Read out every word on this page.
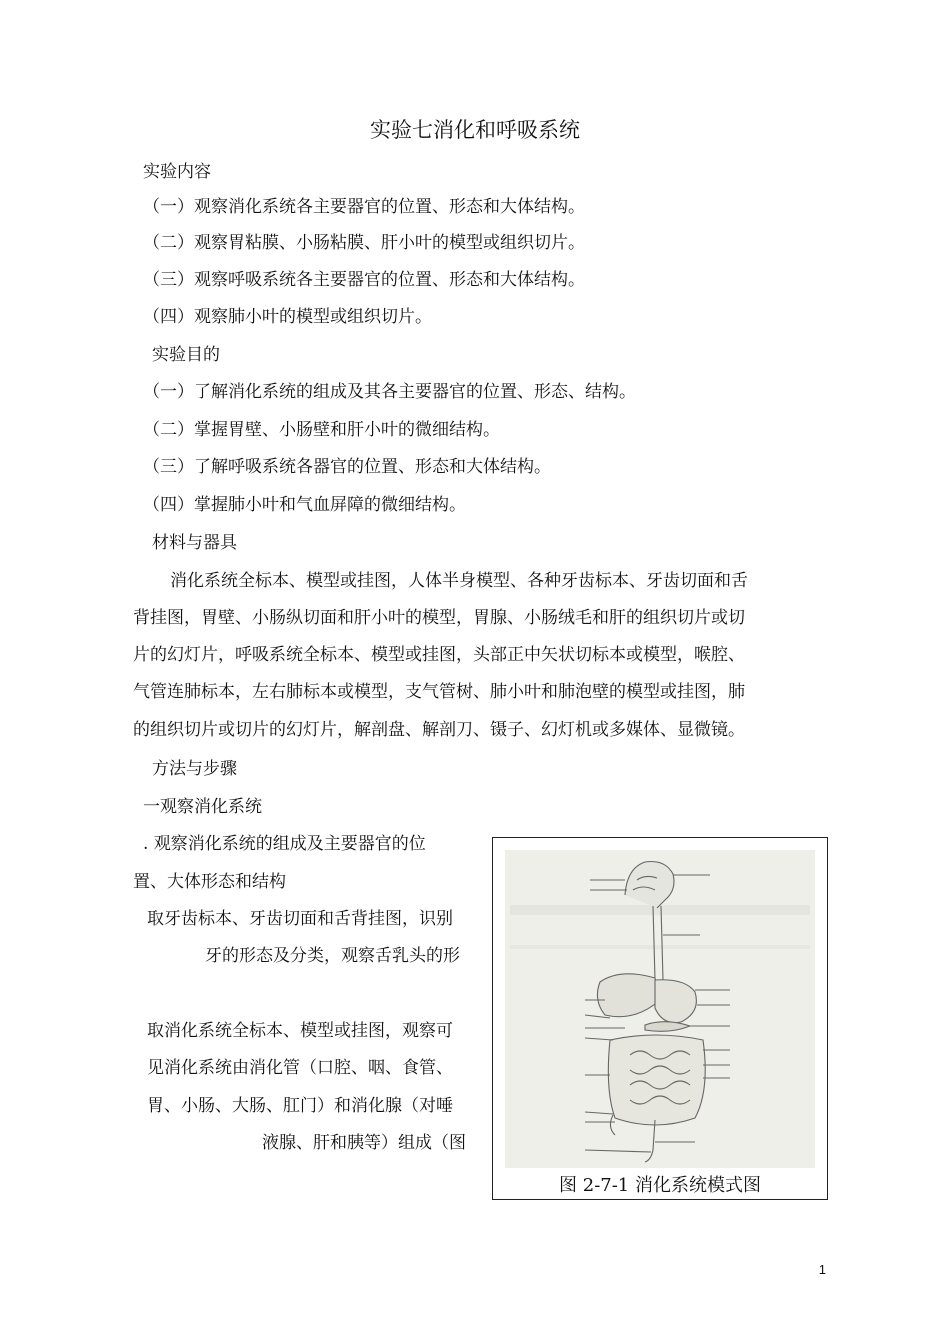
实验七消化和呼吸系统
实验内容
（一）观察消化系统各主要器官的位置、形态和大体结构。
（二）观察胃粘膜、小肠粘膜、肝小叶的模型或组织切片。
（三）观察呼吸系统各主要器官的位置、形态和大体结构。
（四）观察肺小叶的模型或组织切片。
实验目的
（一）了解消化系统的组成及其各主要器官的位置、形态、结构。
（二）掌握胃壁、小肠壁和肝小叶的微细结构。
（三）了解呼吸系统各器官的位置、形态和大体结构。
（四）掌握肺小叶和气血屏障的微细结构。
材料与器具
消化系统全标本、模型或挂图，人体半身模型、各种牙齿标本、牙齿切面和舌
背挂图，胃壁、小肠纵切面和肝小叶的模型，胃腺、小肠绒毛和肝的组织切片或切
片的幻灯片，呼吸系统全标本、模型或挂图，头部正中矢状切标本或模型，喉腔、
气管连肺标本，左右肺标本或模型，支气管树、肺小叶和肺泡壁的模型或挂图，肺
的组织切片或切片的幻灯片，解剖盘、解剖刀、镊子、幻灯机或多媒体、显微镜。
方法与步骤
一观察消化系统
. 观察消化系统的组成及主要器官的位
置、大体形态和结构
取牙齿标本、牙齿切面和舌背挂图，识别
牙的形态及分类，观察舌乳头的形
取消化系统全标本、模型或挂图，观察可
见消化系统由消化管（口腔、咽、食管、
胃、小肠、大肠、肛门）和消化腺（对唾
液腺、肝和胰等）组成（图
图 2-7-1 消化系统模式图
1
